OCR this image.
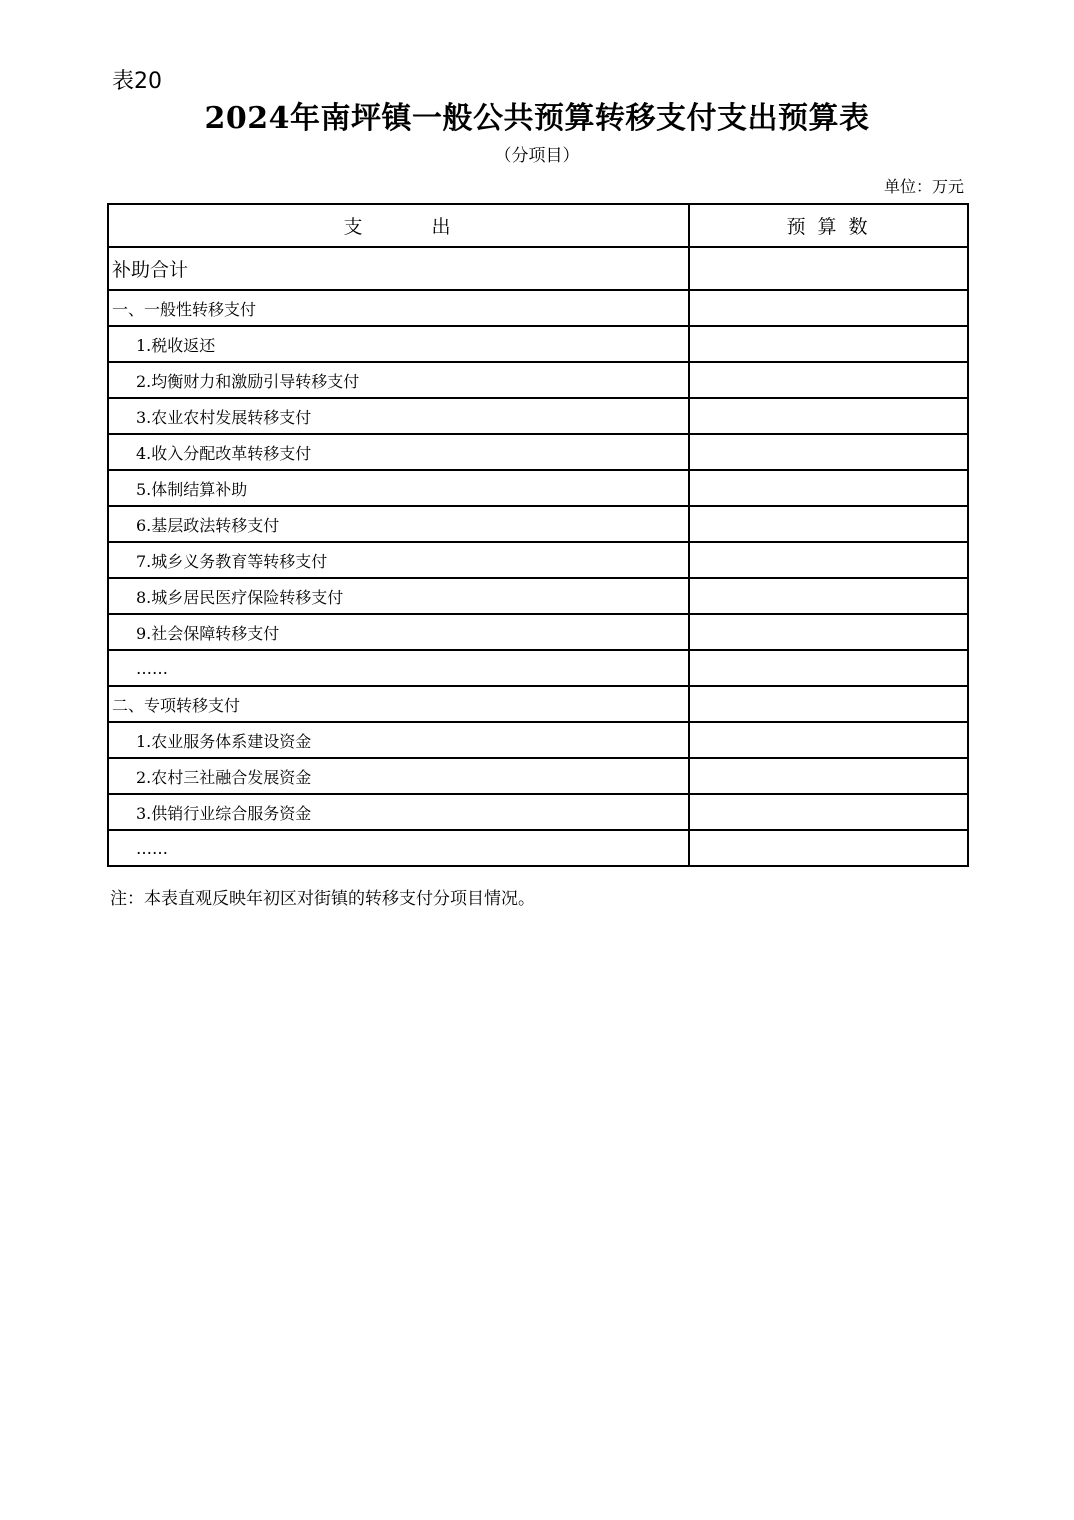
表20
2024年南坪镇一般公共预算转移支付支出预算表
（分项目）
单位：万元
支　　　出	预 算 数
补助合计	
一、一般性转移支付	
1.税收返还	
2.均衡财力和激励引导转移支付	
3.农业农村发展转移支付	
4.收入分配改革转移支付	
5.体制结算补助	
6.基层政法转移支付	
7.城乡义务教育等转移支付	
8.城乡居民医疗保险转移支付	
9.社会保障转移支付	
……	
二、专项转移支付	
1.农业服务体系建设资金	
2.农村三社融合发展资金	
3.供销行业综合服务资金	
……	
注：本表直观反映年初区对街镇的转移支付分项目情况。
